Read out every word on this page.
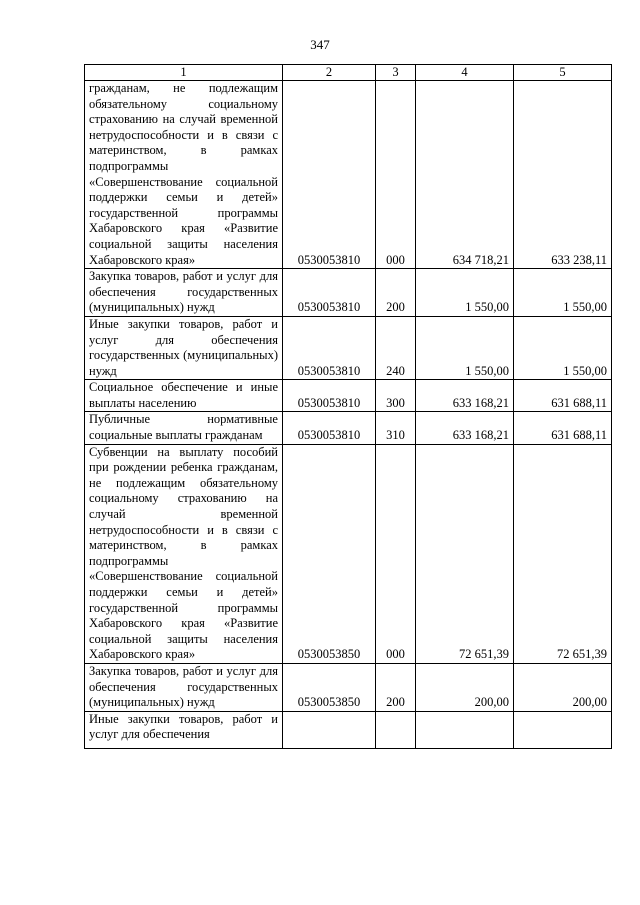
347
1	2	3	4	5
гражданам, не подлежащим обязательному социальному страхованию на случай временной нетрудоспособности и в связи с материнством, в рамках подпрограммы «Совершенствование социальной поддержки семьи и детей» государственной программы Хабаровского края «Развитие социальной защиты населения Хабаровского края»	0530053810	000	634 718,21	633 238,11
Закупка товаров, работ и услуг для обеспечения государственных (муниципальных) нужд	0530053810	200	1 550,00	1 550,00
Иные закупки товаров, работ и услуг для обеспечения государственных (муниципальных) нужд	0530053810	240	1 550,00	1 550,00
Социальное обеспечение и иные выплаты населению	0530053810	300	633 168,21	631 688,11
Публичные нормативные социальные выплаты гражданам	0530053810	310	633 168,21	631 688,11
Субвенции на выплату пособий при рождении ребенка гражданам, не подлежащим обязательному социальному страхованию на случай временной нетрудоспособности и в связи с материнством, в рамках подпрограммы «Совершенствование социальной поддержки семьи и детей» государственной программы Хабаровского края «Развитие социальной защиты населения Хабаровского края»	0530053850	000	72 651,39	72 651,39
Закупка товаров, работ и услуг для обеспечения государственных (муниципальных) нужд	0530053850	200	200,00	200,00
Иные закупки товаров, работ и услуг для обеспечения				
